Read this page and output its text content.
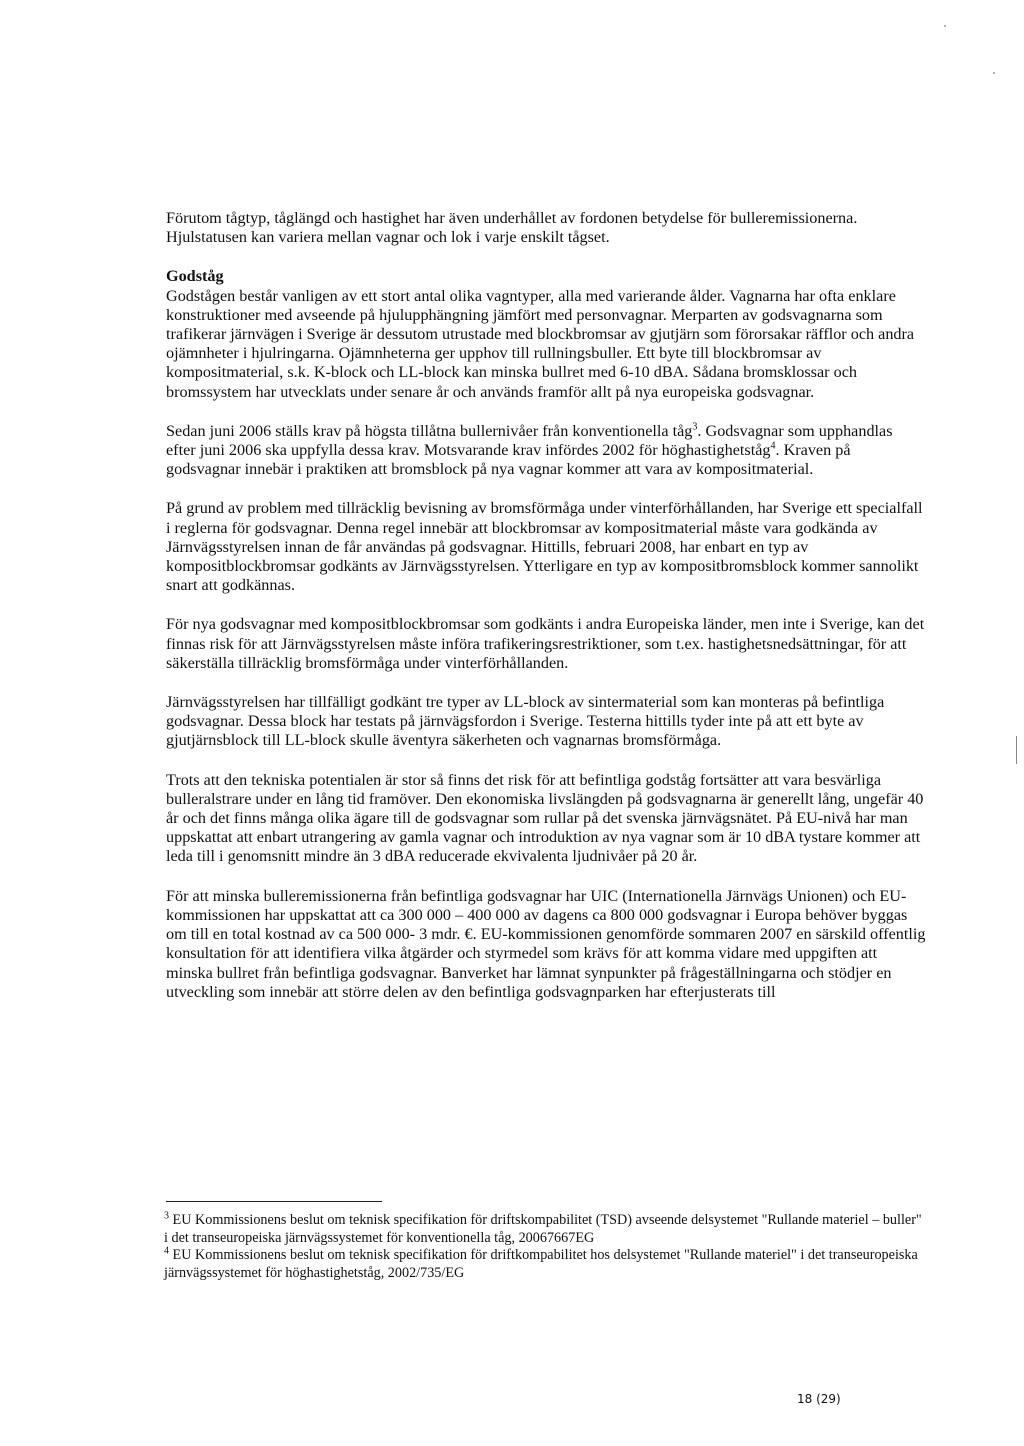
Förutom tågtyp, tåglängd och hastighet har även underhållet av fordonen betydelse för bulleremissionerna. Hjulstatusen kan variera mellan vagnar och lok i varje enskilt tågset.

Godståg

Godstågen består vanligen av ett stort antal olika vagntyper, alla med varierande ålder. Vagnarna har ofta enklare konstruktioner med avseende på hjulupphängning jämfört med personvagnar. Merparten av godsvagnarna som trafikerar järnvägen i Sverige är dessutom utrustade med blockbromsar av gjutjärn som förorsakar räfflor och andra ojämnheter i hjulringarna. Ojämnheterna ger upphov till rullningsbuller. Ett byte till blockbromsar av kompositmaterial, s.k. K-block och LL-block kan minska bullret med 6-10 dBA. Sådana bromsklossar och bromssystem har utvecklats under senare år och används framför allt på nya europeiska godsvagnar.

Sedan juni 2006 ställs krav på högsta tillåtna bullernivåer från konventionella tåg$^3$. Godsvagnar som upphandlas efter juni 2006 ska uppfylla dessa krav. Motsvarande krav infördes 2002 för höghastighetståg$^4$. Kraven på godsvagnar innebär i praktiken att bromsblock på nya vagnar kommer att vara av kompositmaterial.

På grund av problem med tillräcklig bevisning av bromsförmåga under vinterförhållanden, har Sverige ett specialfall i reglerna för godsvagnar. Denna regel innebär att blockbromsar av kompositmaterial måste vara godkända av Järnvägsstyrelsen innan de får användas på godsvagnar. Hittills, februari 2008, har enbart en typ av kompositblockbromsar godkänts av Järnvägsstyrelsen. Ytterligare en typ av kompositbromsblock kommer sannolikt snart att godkännas.

För nya godsvagnar med kompositblockbromsar som godkänts i andra Europeiska länder, men inte i Sverige, kan det finnas risk för att Järnvägsstyrelsen måste införa trafikeringsrestriktioner, som t.ex. hastighetsnedsättningar, för att säkerställa tillräcklig bromsförmåga under vinterförhållanden.

Järnvägsstyrelsen har tillfälligt godkänt tre typer av LL-block av sintermaterial som kan monteras på befintliga godsvagnar. Dessa block har testats på järnvägsfordon i Sverige. Testerna hittills tyder inte på att ett byte av gjutjärnsblock till LL-block skulle äventyra säkerheten och vagnarnas bromsförmåga.

Trots att den tekniska potentialen är stor så finns det risk för att befintliga godståg fortsätter att vara besvärliga bulleralstrare under en lång tid framöver. Den ekonomiska livslängden på godsvagnarna är generellt lång, ungefär 40 år och det finns många olika ägare till de godsvagnar som rullar på det svenska järnvägsnätet. På EU-nivå har man uppskattat att enbart utrangering av gamla vagnar och introduktion av nya vagnar som är 10 dBA tystare kommer att leda till i genomsnitt mindre än 3 dBA reducerade ekvivalenta ljudnivåer på 20 år.

För att minska bulleremissionerna från befintliga godsvagnar har UIC (Internationella Järnvägs Unionen) och EU-kommissionen har uppskattat att ca 300 000 – 400 000 av dagens ca 800 000 godsvagnar i Europa behöver byggas om till en total kostnad av ca 500 000- 3 mdr. €. EU-kommissionen genomförde sommaren 2007 en särskild offentlig konsultation för att identifiera vilka åtgärder och styrmedel som krävs för att komma vidare med uppgiften att minska bullret från befintliga godsvagnar. Banverket har lämnat synpunkter på frågeställningarna och stödjer en utveckling som innebär att större delen av den befintliga godsvagnparken har efterjusterats till

$^3$ EU Kommissionens beslut om teknisk specifikation för driftskompabilitet (TSD) avseende delsystemet "Rullande materiel – buller" i det transeuropeiska järnvägssystemet för konventionella tåg, 20067667EG

$^4$ EU Kommissionens beslut om teknisk specifikation för driftkompabilitet hos delsystemet "Rullande materiel" i det transeuropeiska järnvägssystemet för höghastighetståg, 2002/735/EG

18 (29)
